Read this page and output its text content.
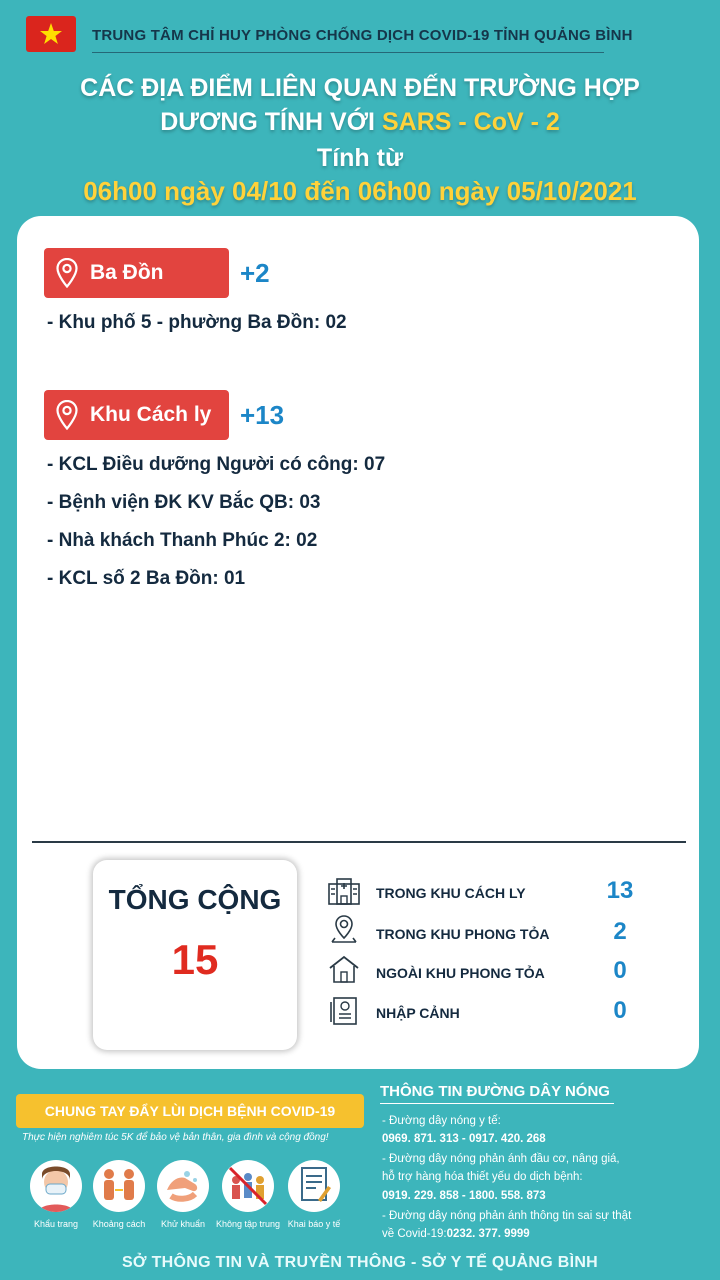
TRUNG TÂM CHỈ HUY PHÒNG CHỐNG DỊCH COVID-19 TỈNH QUẢNG BÌNH
CÁC ĐỊA ĐIỂM LIÊN QUAN ĐẾN TRƯỜNG HỢP
DƯƠNG TÍNH VỚI SARS - CoV - 2
Tính từ
06h00 ngày 04/10 đến 06h00 ngày 05/10/2021
Ba Đồn	+2
- Khu phố 5 - phường Ba Đồn: 02
Khu Cách ly +13
- KCL Điều dưỡng Người có công: 07
- Bệnh viện ĐK KV Bắc QB: 03
- Nhà khách Thanh Phúc 2: 02
- KCL số 2 Ba Đồn: 01
TỔNG CỘNG
15
TRONG KHU CÁCH LY	13
TRONG KHU PHONG TỎA	2
NGOÀI KHU PHONG TỎA	0
NHẬP CẢNH	0
CHUNG TAY ĐẨY LÙI DỊCH BỆNH COVID-19
Thực hiện nghiêm túc 5K để bảo vệ bản thân, gia đình và cộng đồng!
Khẩu trang	Khoảng cách	Khử khuẩn	Không tập trung Khai báo y tế
THÔNG TIN ĐƯỜNG DÂY NÓNG
- Đường dây nóng y tế:
0969. 871. 313 - 0917. 420. 268
- Đường dây nóng phản ánh đầu cơ, nâng giá,
hỗ trợ hàng hóa thiết yếu do dịch bệnh:
0919. 229. 858 - 1800. 558. 873
- Đường dây nóng phản ánh thông tin sai sự thật
về Covid-19:0232. 377. 9999
SỞ THÔNG TIN VÀ TRUYỀN THÔNG - SỞ Y TẾ QUẢNG BÌNH
